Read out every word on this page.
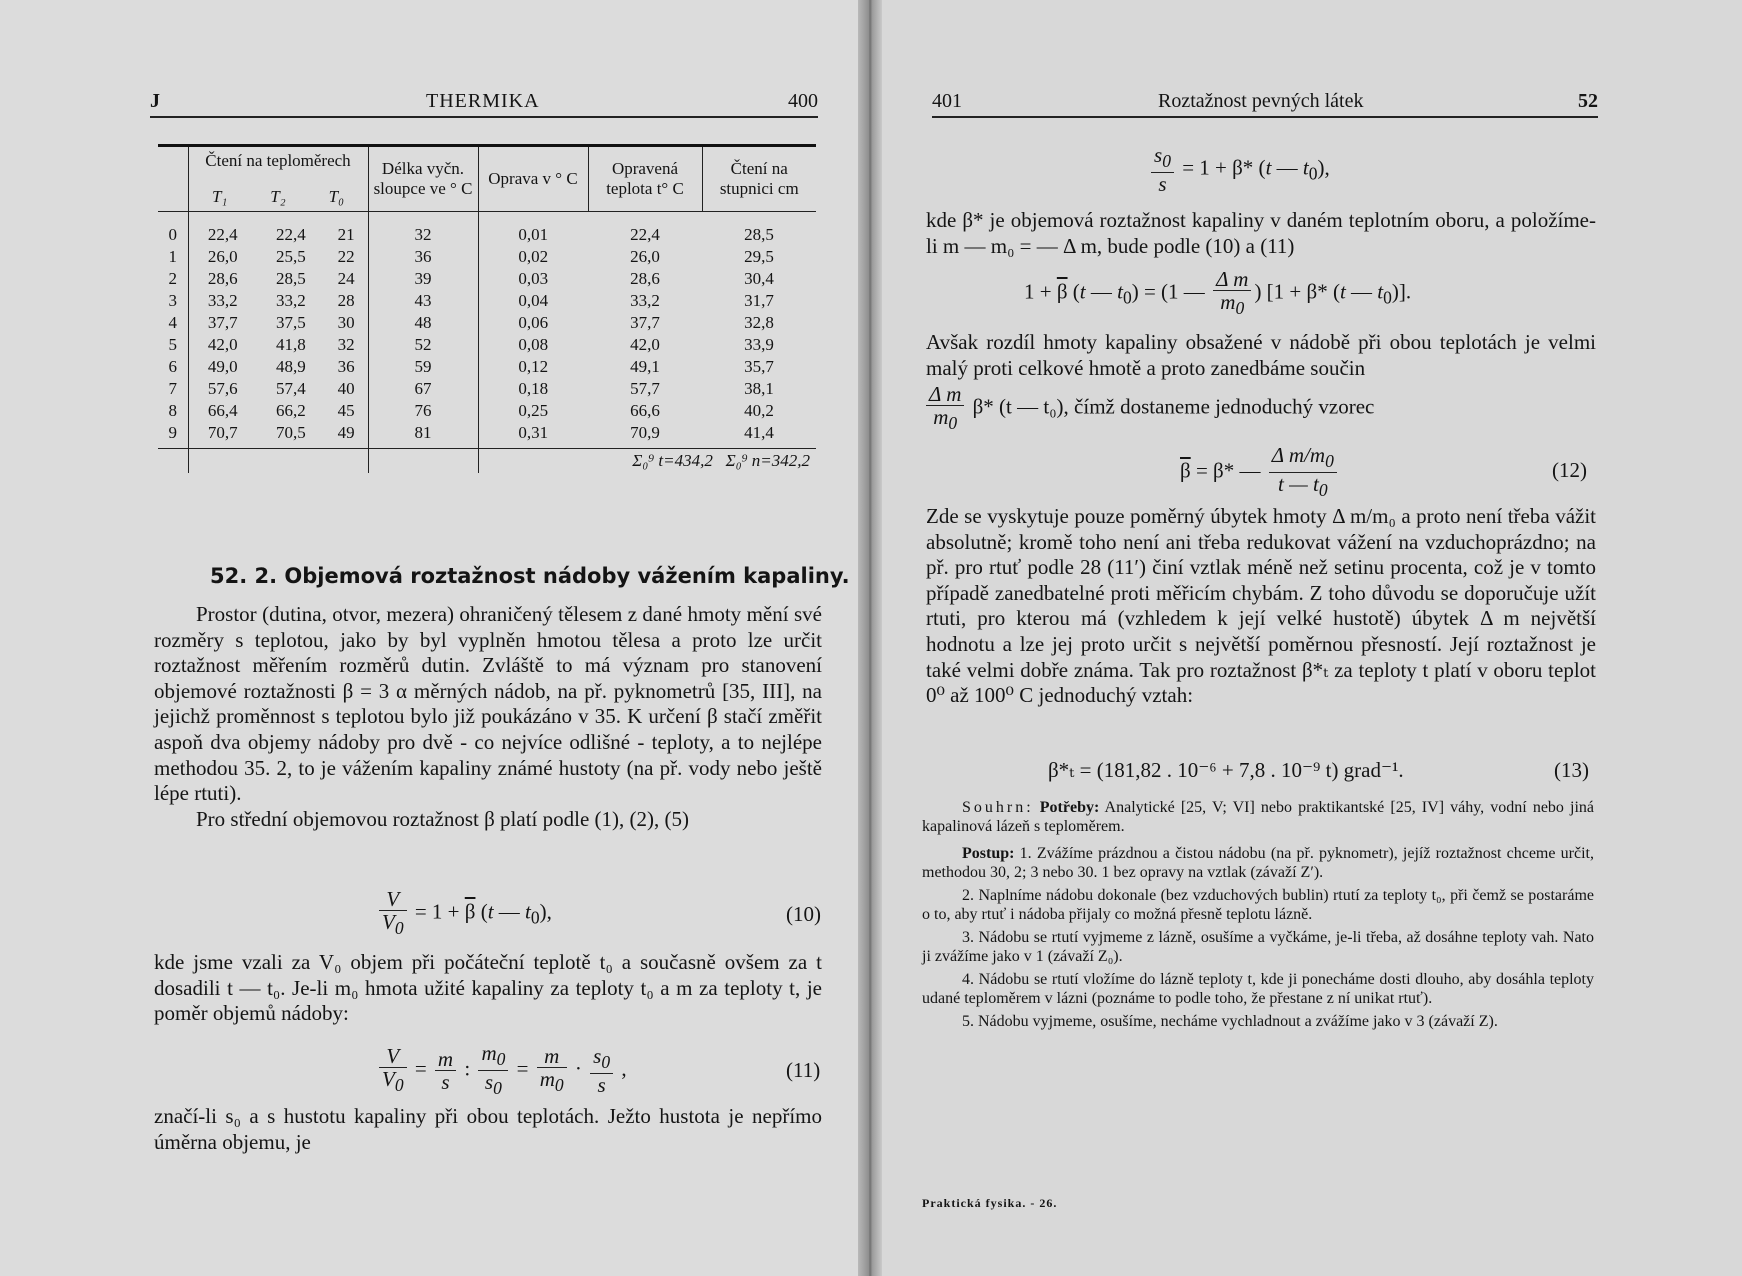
J	THERMIKA	400

	Čtení na teploměrech
T₁ T₂ T₀			Délka vyčn. sloupce ve ° C	Oprava v ° C	Opravená teplota t° C	Čtení na stupnici cm
0	22,4	22,4	21	32	0,01	22,4	28,5
1	26,0	25,5	22	36	0,02	26,0	29,5
2	28,6	28,5	24	39	0,03	28,6	30,4
3	33,2	33,2	28	43	0,04	33,2	31,7
4	37,7	37,5	30	48	0,06	37,7	32,8
5	42,0	41,8	32	52	0,08	42,0	33,9
6	49,0	48,9	36	59	0,12	49,1	35,7
7	57,6	57,4	40	67	0,18	57,7	38,1
8	66,4	66,2	45	76	0,25	66,6	40,2
9	70,7	70,5	49	81	0,31	70,9	41,4
						Σ₀⁹ t=434,2 Σ₀⁹ n=342,2	
52. 2. Objemová roztažnost nádoby vážením kapaliny.

Prostor (dutina, otvor, mezera) ohraničený tělesem z dané hmoty mění své rozměry s teplotou, jako by byl vyplněn hmotou tělesa a proto lze určit roztažnost měřením rozměrů dutin. Zvláště to má význam pro stanovení objemové roztažnosti β = 3 α měrných nádob, na př. pyknometrů [35, III], na jejichž proměnnost s teplotou bylo již poukázáno v 35. K určení β stačí změřit aspoň dva objemy nádoby pro dvě - co nejvíce odlišné - teploty, a to nejlépe methodou 35. 2, to je vážením kapaliny známé hustoty (na př. vody nebo ještě lépe rtuti).

Pro střední objemovou roztažnost β platí podle (1), (2), (5)

$\frac{V}{V_0} = 1 + \overline{\beta}$ (t — $t_0$),	(10)

kde jsme vzali za V₀ objem při počáteční teplotě t₀ a současně ovšem za t dosadili t — t₀. Je-li m₀ hmota užité kapaliny za teploty t₀ a m za teploty t, je poměr objemů nádoby:

$\frac{V}{V_0} = \frac{m}{s}$ : $\frac{m_0}{s_0} = \frac{m}{m_0} \cdot \frac{s_0}{s}$ ,	(11)

značí-li s₀ a s hustotu kapaliny při obou teplotách. Ježto hustota je nepřímo úměrna objemu, je

401	Roztažnost pevných látek	52
$\frac{s_0}{s} = 1 + \beta*$ (t — $t_0$),

kde β* je objemová roztažnost kapaliny v daném teplotním oboru, a položíme-li m — m₀ = — Δ m, bude podle (10) a (11)

$1 + \overline{\beta}$ (t — $t_0) = (1$ — $\frac{\text{Δ m}}{m_0}$ ) [1 + β* (t — $t_0$)].

Avšak rozdíl hmoty kapaliny obsažené v nádobě při obou teplotách je velmi malý proti celkové hmotě a proto zanedbáme součin

$\frac{\text{Δ m}}{m_0} \beta*$ (t — t₀), čímž dostaneme jednoduchý vzorec

$\overline{\beta} = \beta*$ — $\frac{\Delta m/m_0}{t — t_0}$	(12)

Zde se vyskytuje pouze poměrný úbytek hmoty Δ m/m₀ a proto není třeba vážit absolutně; kromě toho není ani třeba redukovat vážení na vzduchoprázdno; na př. pro rtuť podle 28 (11′) činí vztlak méně než setinu procenta, což je v tomto případě zanedbatelné proti měřicím chybám. Z toho důvodu se doporučuje užít rtuti, pro kterou má (vzhledem k její velké hustotě) úbytek Δ m největší hodnotu a lze jej proto určit s největší poměrnou přesností. Její roztažnost je také velmi dobře známa. Tak pro roztažnost β*ₜ za teploty t platí v oboru teplot 0⁰ až 100⁰ C jednoduchý vztah:

β*ₜ = (181,82 . 10⁻⁶ + 7,8 . 10⁻⁹ t) grad⁻¹.	(13)

Souhrn: Potřeby: Analytické [25, V; VI] nebo praktikantské [25, IV] váhy, vodní nebo jiná kapalinová lázeň s teploměrem.

Postup: 1. Zvážíme prázdnou a čistou nádobu (na př. pyknometr), jejíž roztažnost chceme určit, methodou 30, 2; 3 nebo 30. 1 bez opravy na vztlak (závaží Z′).

2. Naplníme nádobu dokonale (bez vzduchových bublin) rtutí za teploty t₀, při čemž se postaráme o to, aby rtuť i nádoba přijaly co možná přesně teplotu lázně.

3. Nádobu se rtutí vyjmeme z lázně, osušíme a vyčkáme, je-li třeba, až dosáhne teploty vah. Nato ji zvážíme jako v 1 (závaží Z₀).

4. Nádobu se rtutí vložíme do lázně teploty t, kde ji ponecháme dosti dlouho, aby dosáhla teploty udané teploměrem v lázni (poznáme to podle toho, že přestane z ní unikat rtuť).

5. Nádobu vyjmeme, osušíme, necháme vychladnout a zvážíme jako v 3 (závaží Z).

Praktická fysika. - 26.
